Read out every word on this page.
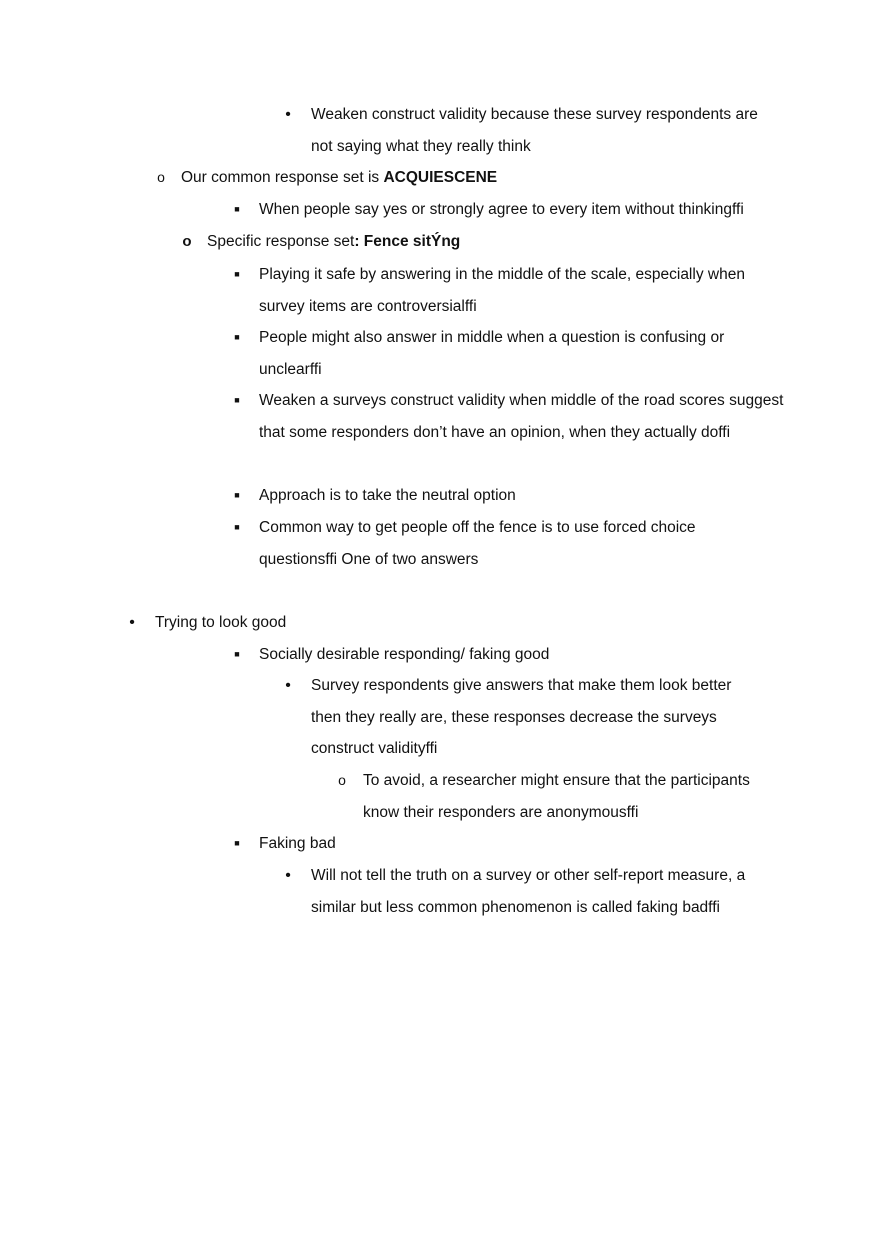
• Weaken construct validity because these survey respondents are not saying what they really think
o Our common response set is ACQUIESCENE
■ When people say yes or strongly agree to every item without thinkingffi
o Specific response set: Fence sitÝng
■ Playing it safe by answering in the middle of the scale, especially when survey items are controversialffi
■ People might also answer in middle when a question is confusing or unclearffi
■ Weaken a surveys construct validity when middle of the road scores suggest that some responders don’t have an opinion, when they actually doffi
■ Approach is to take the neutral option
■ Common way to get people off the fence is to use forced choice questionsffi One of two answers
• Trying to look good
■ Socially desirable responding/ faking good
• Survey respondents give answers that make them look better then they really are, these responses decrease the surveys construct validityffi
o To avoid, a researcher might ensure that the participants know their responders are anonymousffi
■ Faking bad
• Will not tell the truth on a survey or other self-report measure, a similar but less common phenomenon is called faking badffi
